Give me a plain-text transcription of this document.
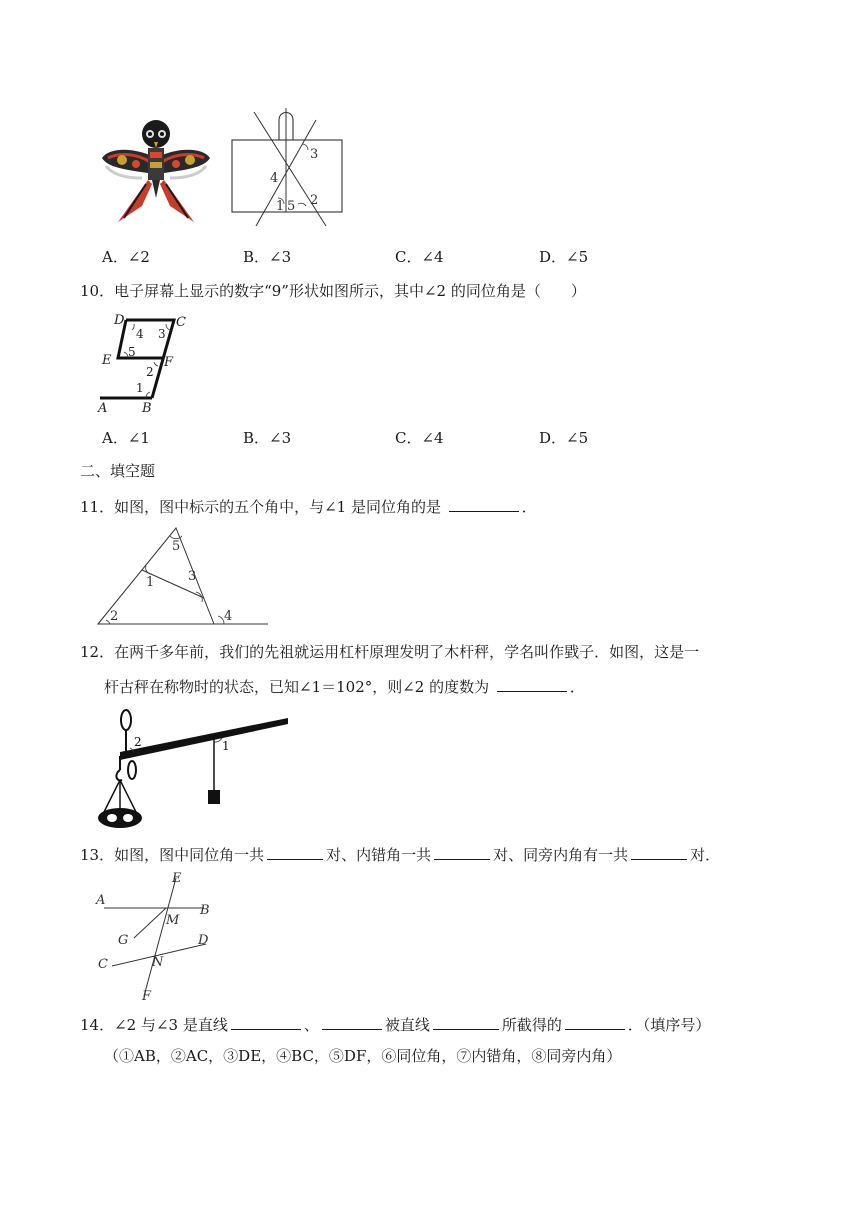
3
4
1 5 2
A．∠2	B．∠3	C．∠4	D．∠5
10．电子屏幕上显示的数字“9”形状如图所示，其中∠2 的同位角是（　　）
D	C
E	F
A	B
4 3
5
2
1
A．∠1	B．∠3	C．∠4	D．∠5
二、填空题
11．如图，图中标示的五个角中，与∠1 是同位角的是	．
5
1	3
2	4
12．在两千多年前，我们的先祖就运用杠杆原理发明了木杆秤，学名叫作戥子．如图，这是一
杆古秤在称物时的状态，已知∠1＝102°，则∠2 的度数为	．
2	1
13．如图，图中同位角一共	对、内错角一共	对、同旁内角有一共	对．
E
A
B
M
G	D
C	N
F
14．∠2 与∠3 是直线	、	被直线	所截得的	．（填序号）
（①AB，②AC，③DE，④BC，⑤DF，⑥同位角，⑦内错角，⑧同旁内角）
